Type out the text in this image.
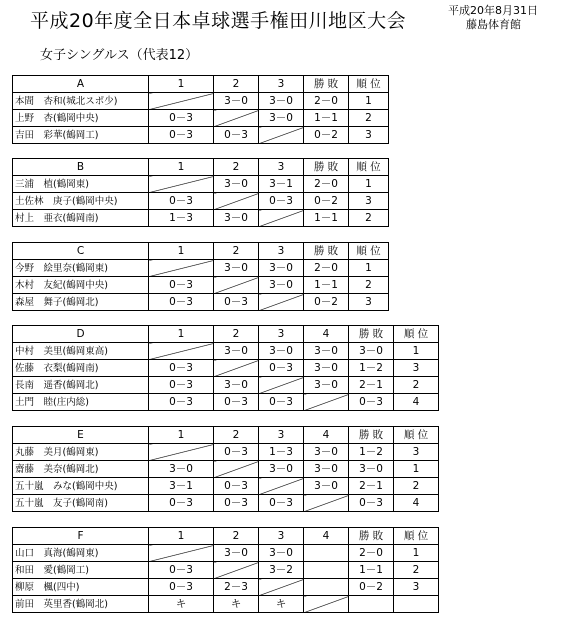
平成20年度全日本卓球選手権田川地区大会	平成20年8月31日
藤島体育館
女子シングルス（代表12）
A	1	2	3	勝 敗	順 位
本間　杏和(城北スポ少)		3－0	3－0	2－0	1
上野　杏(鶴岡中央)	0－3		3－0	1－1	2
吉田　彩華(鶴岡工)	0－3	0－3		0－2	3
B	1	2	3	勝 敗	順 位
三浦　植(鶴岡東)		3－0	3－1	2－0	1
土佐林　庚子(鶴岡中央)	0－3		0－3	0－2	3
村上　亜衣(鶴岡南)	1－3	3－0		1－1	2
C	1	2	3	勝 敗	順 位
今野　絵里奈(鶴岡東)		3－0	3－0	2－0	1
木村　友紀(鶴岡中央)	0－3		3－0	1－1	2
森屋　舞子(鶴岡北)	0－3	0－3		0－2	3
D	1	2	3	4	勝 敗	順 位
中村　美里(鶴岡東高)		3－0	3－0	3－0	3－0	1
佐藤　衣梨(鶴岡南)	0－3		0－3	3－0	1－2	3
長南　遥香(鶴岡北)	0－3	3－0		3－0	2－1	2
土門　睦(庄内総)	0－3	0－3	0－3		0－3	4
E	1	2	3	4	勝 敗	順 位
丸藤　美月(鶴岡東)		0－3	1－3	3－0	1－2	3
齋藤　美奈(鶴岡北)	3－0		3－0	3－0	3－0	1
五十嵐　みな(鶴岡中央)	3－1	0－3		3－0	2－1	2
五十嵐　友子(鶴岡南)	0－3	0－3	0－3		0－3	4
F	1	2	3	4	勝 敗	順 位
山口　真海(鶴岡東)		3－0	3－0		2－0	1
和田　愛(鶴岡工)	0－3		3－2		1－1	2
柳原　楓(四中)	0－3	2－3			0－2	3
前田　英里香(鶴岡北)	キ	キ	キ			
